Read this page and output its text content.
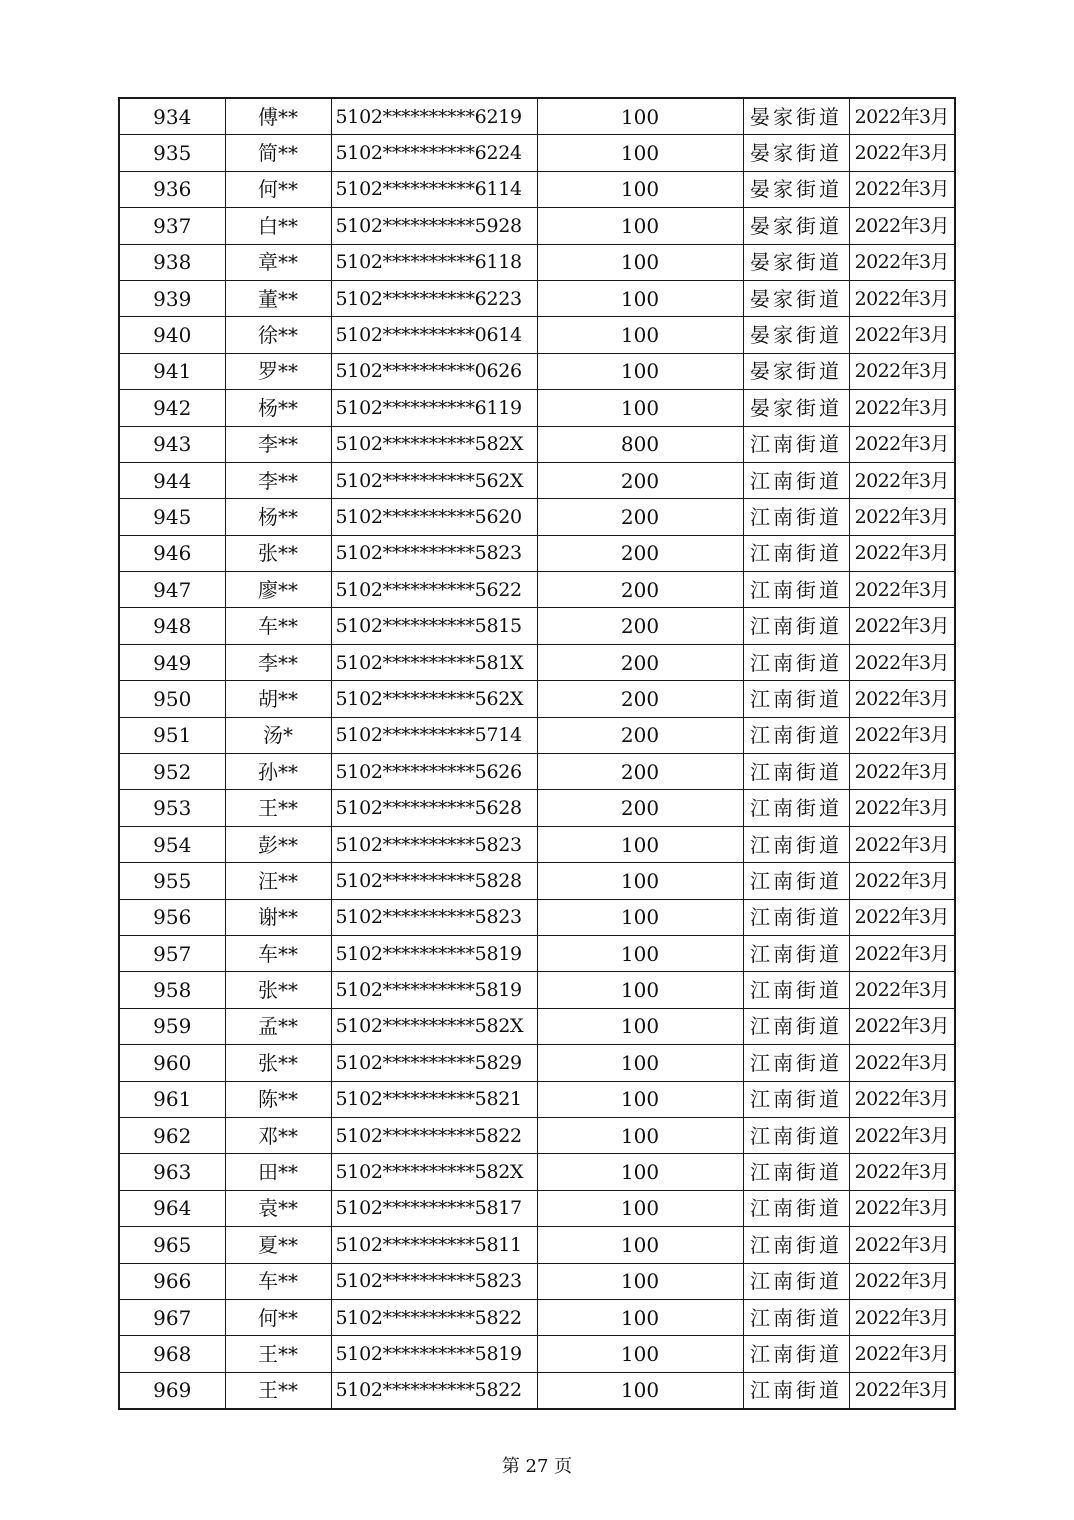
934	傅**	5102**********6219	100	晏家街道	2022年3月
935	简**	5102**********6224	100	晏家街道	2022年3月
936	何**	5102**********6114	100	晏家街道	2022年3月
937	白**	5102**********5928	100	晏家街道	2022年3月
938	章**	5102**********6118	100	晏家街道	2022年3月
939	董**	5102**********6223	100	晏家街道	2022年3月
940	徐**	5102**********0614	100	晏家街道	2022年3月
941	罗**	5102**********0626	100	晏家街道	2022年3月
942	杨**	5102**********6119	100	晏家街道	2022年3月
943	李**	5102**********582X	800	江南街道	2022年3月
944	李**	5102**********562X	200	江南街道	2022年3月
945	杨**	5102**********5620	200	江南街道	2022年3月
946	张**	5102**********5823	200	江南街道	2022年3月
947	廖**	5102**********5622	200	江南街道	2022年3月
948	车**	5102**********5815	200	江南街道	2022年3月
949	李**	5102**********581X	200	江南街道	2022年3月
950	胡**	5102**********562X	200	江南街道	2022年3月
951	汤*	5102**********5714	200	江南街道	2022年3月
952	孙**	5102**********5626	200	江南街道	2022年3月
953	王**	5102**********5628	200	江南街道	2022年3月
954	彭**	5102**********5823	100	江南街道	2022年3月
955	汪**	5102**********5828	100	江南街道	2022年3月
956	谢**	5102**********5823	100	江南街道	2022年3月
957	车**	5102**********5819	100	江南街道	2022年3月
958	张**	5102**********5819	100	江南街道	2022年3月
959	孟**	5102**********582X	100	江南街道	2022年3月
960	张**	5102**********5829	100	江南街道	2022年3月
961	陈**	5102**********5821	100	江南街道	2022年3月
962	邓**	5102**********5822	100	江南街道	2022年3月
963	田**	5102**********582X	100	江南街道	2022年3月
964	袁**	5102**********5817	100	江南街道	2022年3月
965	夏**	5102**********5811	100	江南街道	2022年3月
966	车**	5102**********5823	100	江南街道	2022年3月
967	何**	5102**********5822	100	江南街道	2022年3月
968	王**	5102**********5819	100	江南街道	2022年3月
969	王**	5102**********5822	100	江南街道	2022年3月
第 27 页
